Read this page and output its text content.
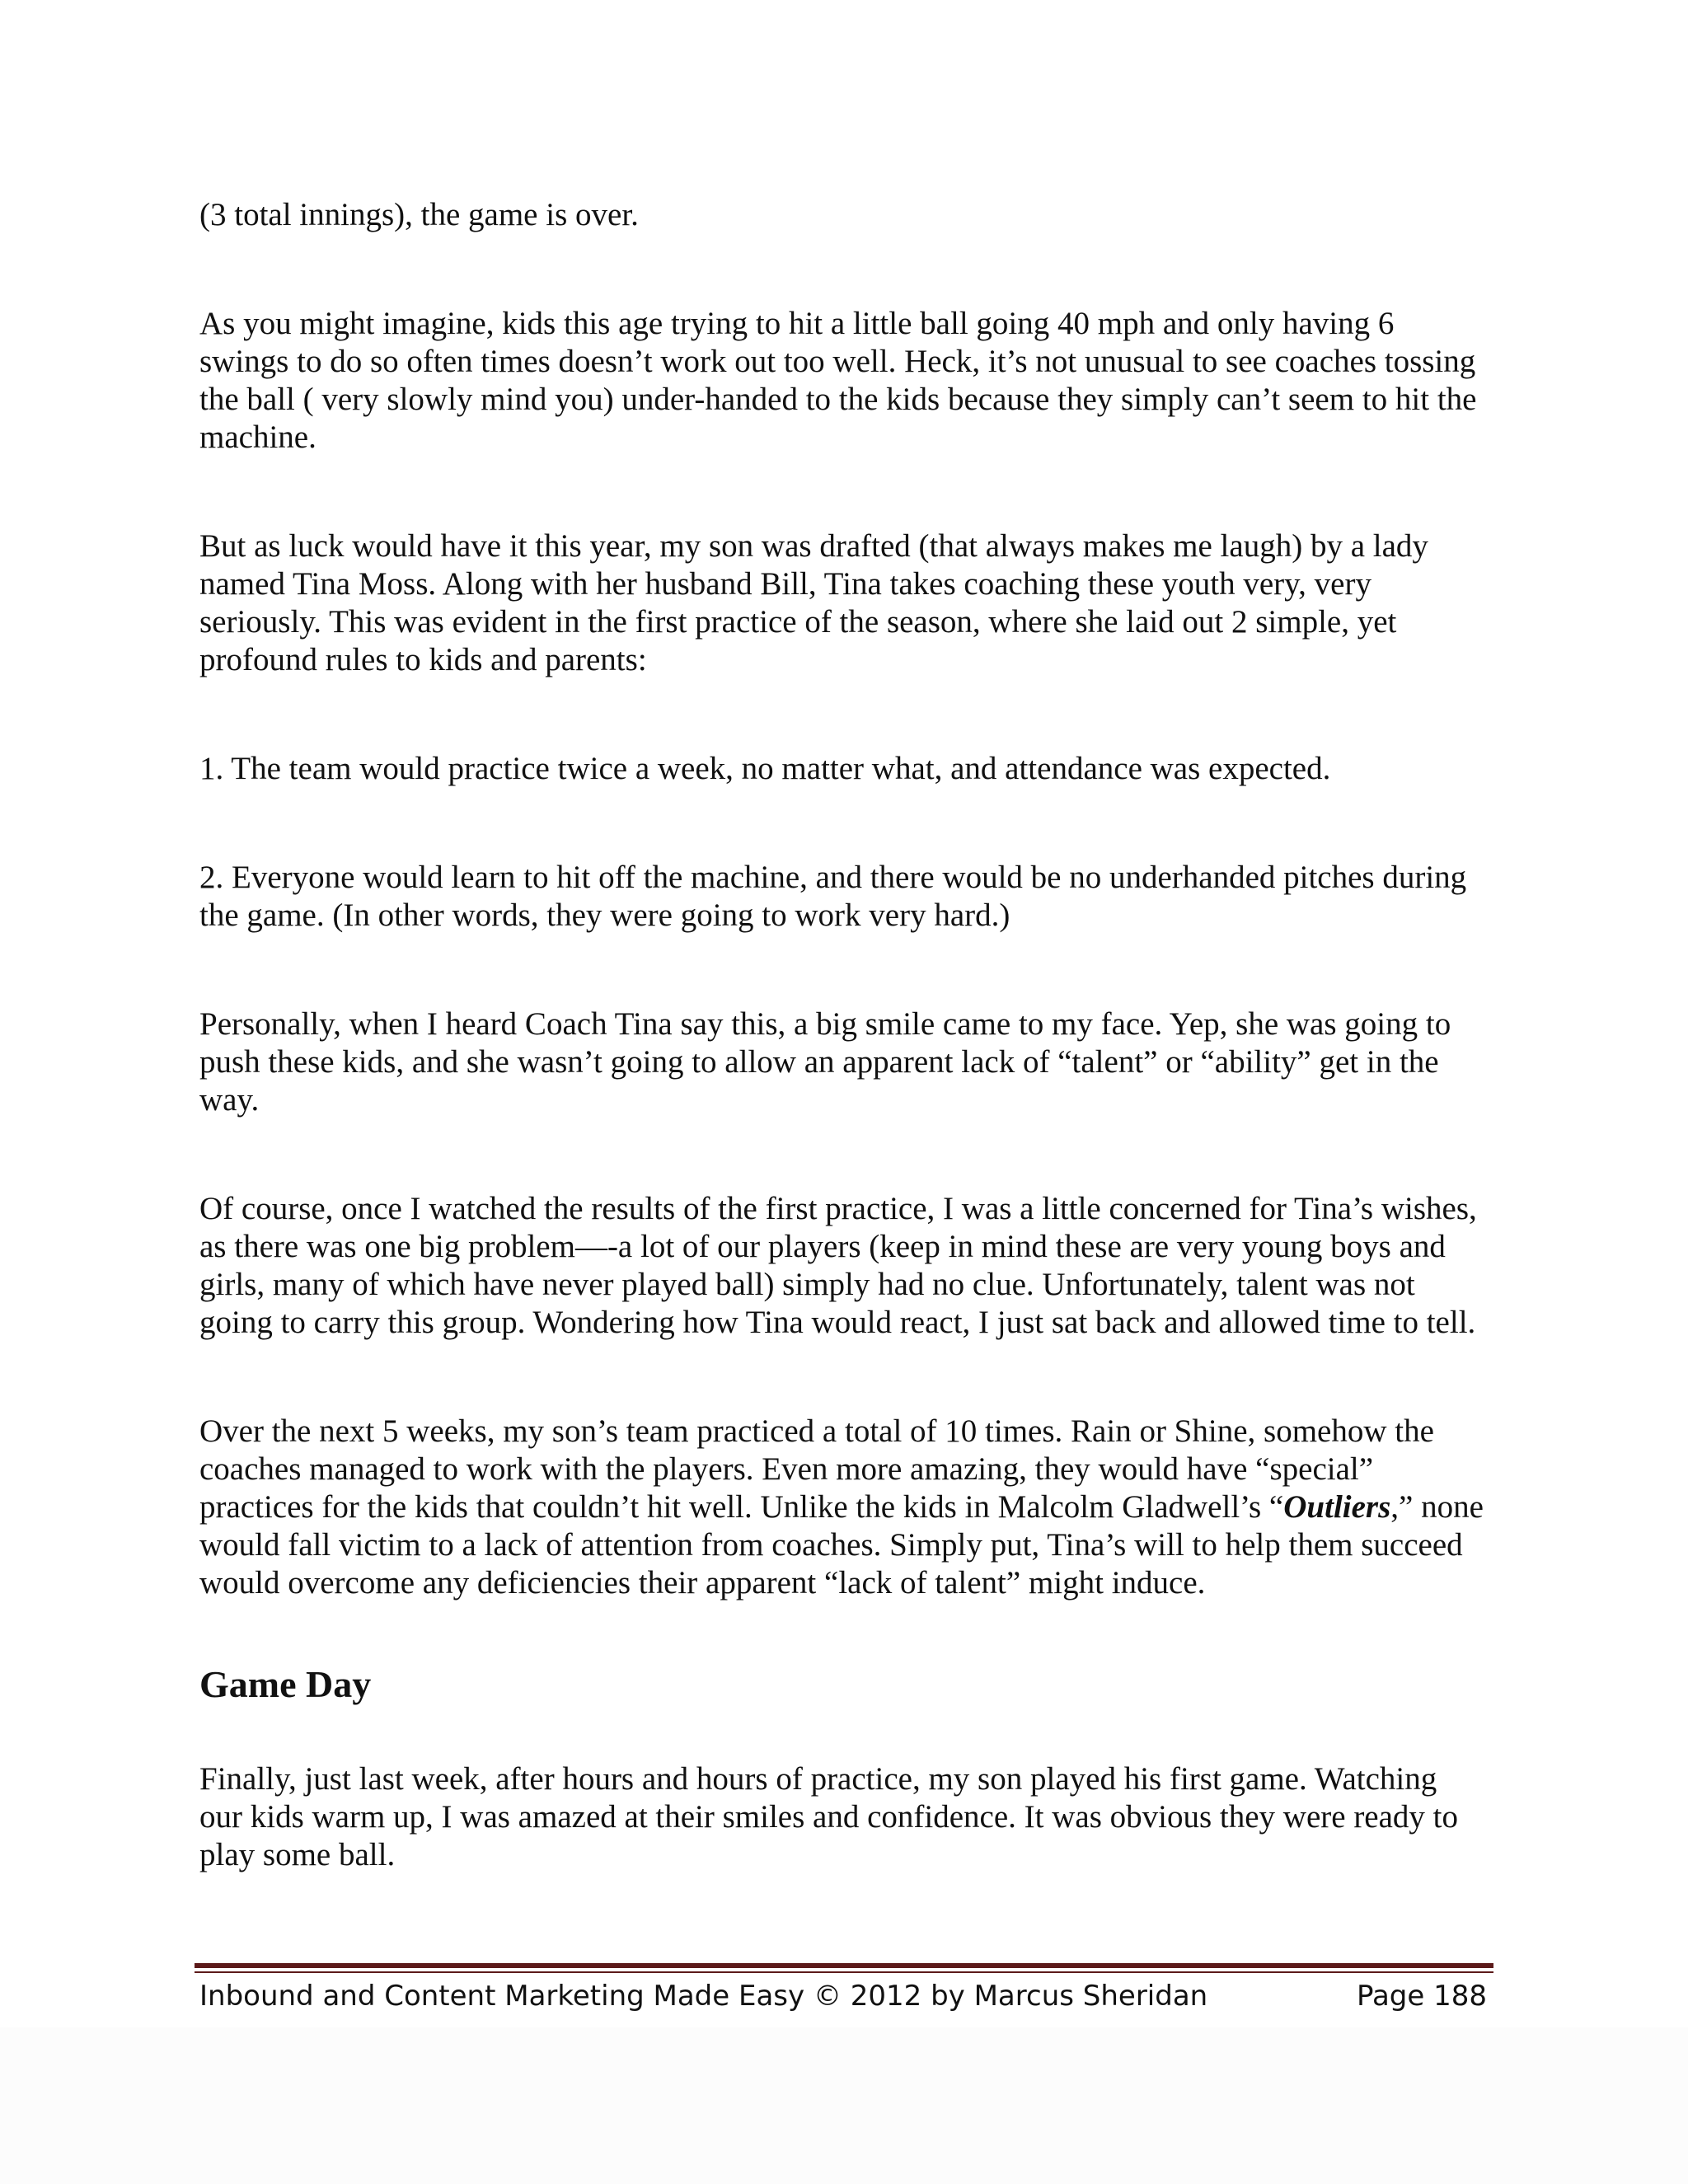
(3 total innings), the game is over.

As you might imagine, kids this age trying to hit a little ball going 40 mph and only having 6 swings to do so often times doesn’t work out too well. Heck, it’s not unusual to see coaches tossing the ball ( very slowly mind you) under-handed to the kids because they simply can’t seem to hit the machine.

But as luck would have it this year, my son was drafted (that always makes me laugh) by a lady named Tina Moss. Along with her husband Bill, Tina takes coaching these youth very, very seriously. This was evident in the first practice of the season, where she laid out 2 simple, yet profound rules to kids and parents:

1. The team would practice twice a week, no matter what, and attendance was expected.

2. Everyone would learn to hit off the machine, and there would be no underhanded pitches during the game. (In other words, they were going to work very hard.)

Personally, when I heard Coach Tina say this, a big smile came to my face. Yep, she was going to push these kids, and she wasn’t going to allow an apparent lack of “talent” or “ability” get in the way.

Of course, once I watched the results of the first practice, I was a little concerned for Tina’s wishes, as there was one big problem—-a lot of our players (keep in mind these are very young boys and girls, many of which have never played ball) simply had no clue. Unfortunately, talent was not going to carry this group. Wondering how Tina would react, I just sat back and allowed time to tell.

Over the next 5 weeks, my son’s team practiced a total of 10 times. Rain or Shine, somehow the coaches managed to work with the players. Even more amazing, they would have “special” practices for the kids that couldn’t hit well. Unlike the kids in Malcolm Gladwell’s “Outliers,” none would fall victim to a lack of attention from coaches. Simply put, Tina’s will to help them succeed would overcome any deficiencies their apparent “lack of talent” might induce.

Game Day

Finally, just last week, after hours and hours of practice, my son played his first game. Watching our kids warm up, I was amazed at their smiles and confidence. It was obvious they were ready to play some ball.

Inbound and Content Marketing Made Easy © 2012 by Marcus Sheridan	Page 188
